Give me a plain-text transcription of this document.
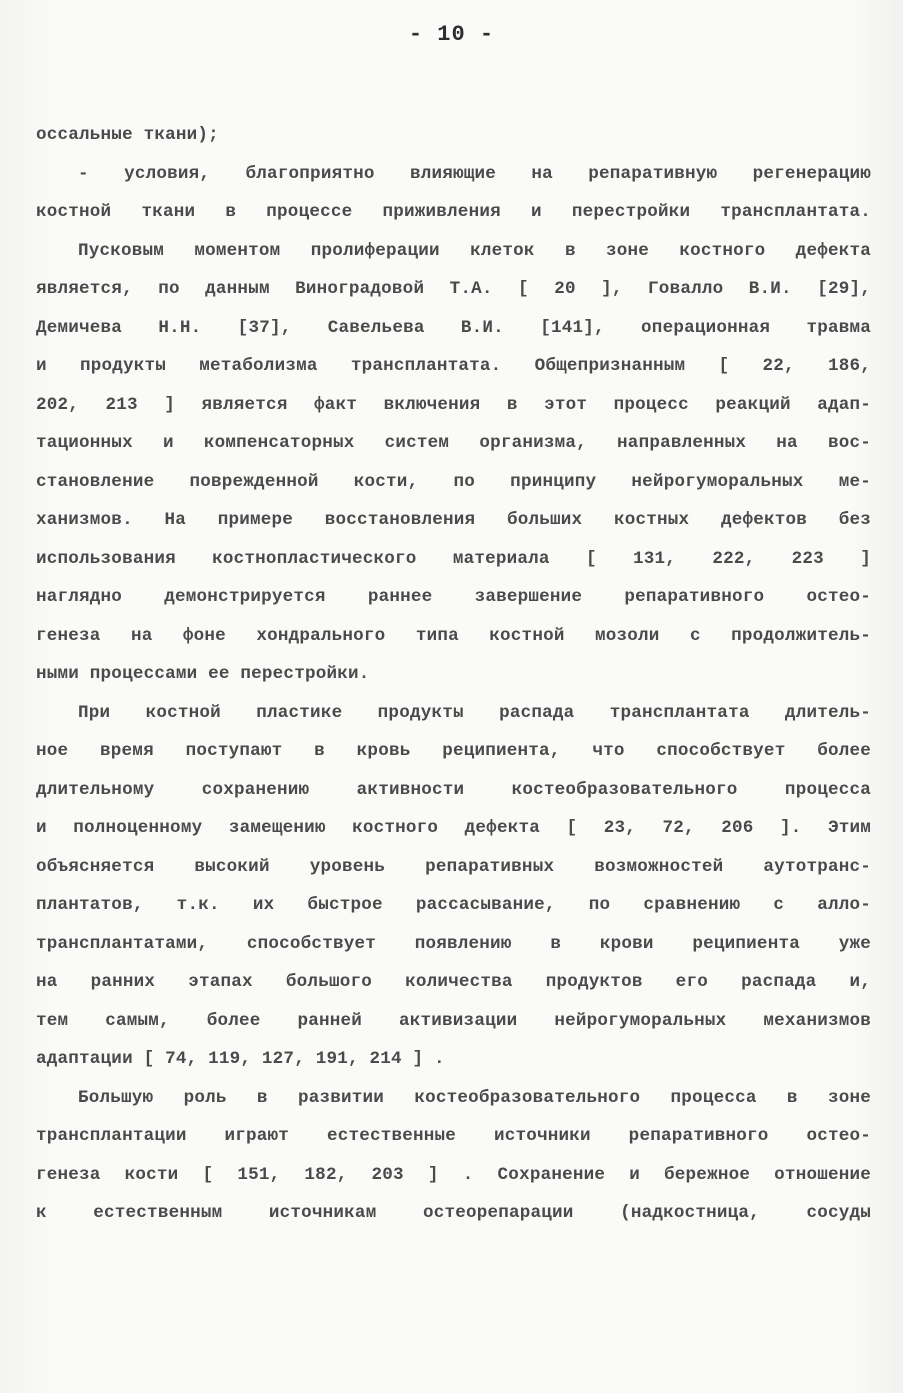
- 10 -
оссальные ткани);
- условия, благоприятно влияющие на репаративную регенерацию
костной ткани в процессе приживления и перестройки трансплантата.
Пусковым моментом пролиферации клеток в зоне костного дефекта
является, по данным Виноградовой Т.А. [ 20 ], Говалло В.И. [29],
Демичева Н.Н. [37], Савельева В.И. [141], операционная травма
и продукты метаболизма трансплантата. Общепризнанным [ 22, 186,
202, 213 ] является факт включения в этот процесс реакций адап-
тационных и компенсаторных систем организма, направленных на вос-
становление поврежденной кости, по принципу нейрогуморальных ме-
ханизмов. На примере восстановления больших костных дефектов без
использования костнопластического материала [ 131, 222, 223 ]
наглядно демонстрируется раннее завершение репаративного остео-
генеза на фоне хондрального типа костной мозоли с продолжитель-
ными процессами ее перестройки.
При костной пластике продукты распада трансплантата длитель-
ное время поступают в кровь реципиента, что способствует более
длительному сохранению активности костеобразовательного процесса
и полноценному замещению костного дефекта [ 23, 72, 206 ]. Этим
объясняется высокий уровень репаративных возможностей аутотранс-
плантатов, т.к. их быстрое рассасывание, по сравнению с алло-
трансплантатами, способствует появлению в крови реципиента уже
на ранних этапах большого количества продуктов его распада и,
тем самым, более ранней активизации нейрогуморальных механизмов
адаптации [ 74, 119, 127, 191, 214 ] .
Большую роль в развитии костеобразовательного процесса в зоне
трансплантации играют естественные источники репаративного остео-
генеза кости [ 151, 182, 203 ] . Сохранение и бережное отношение
к естественным источникам остеорепарации (надкостница, сосуды
